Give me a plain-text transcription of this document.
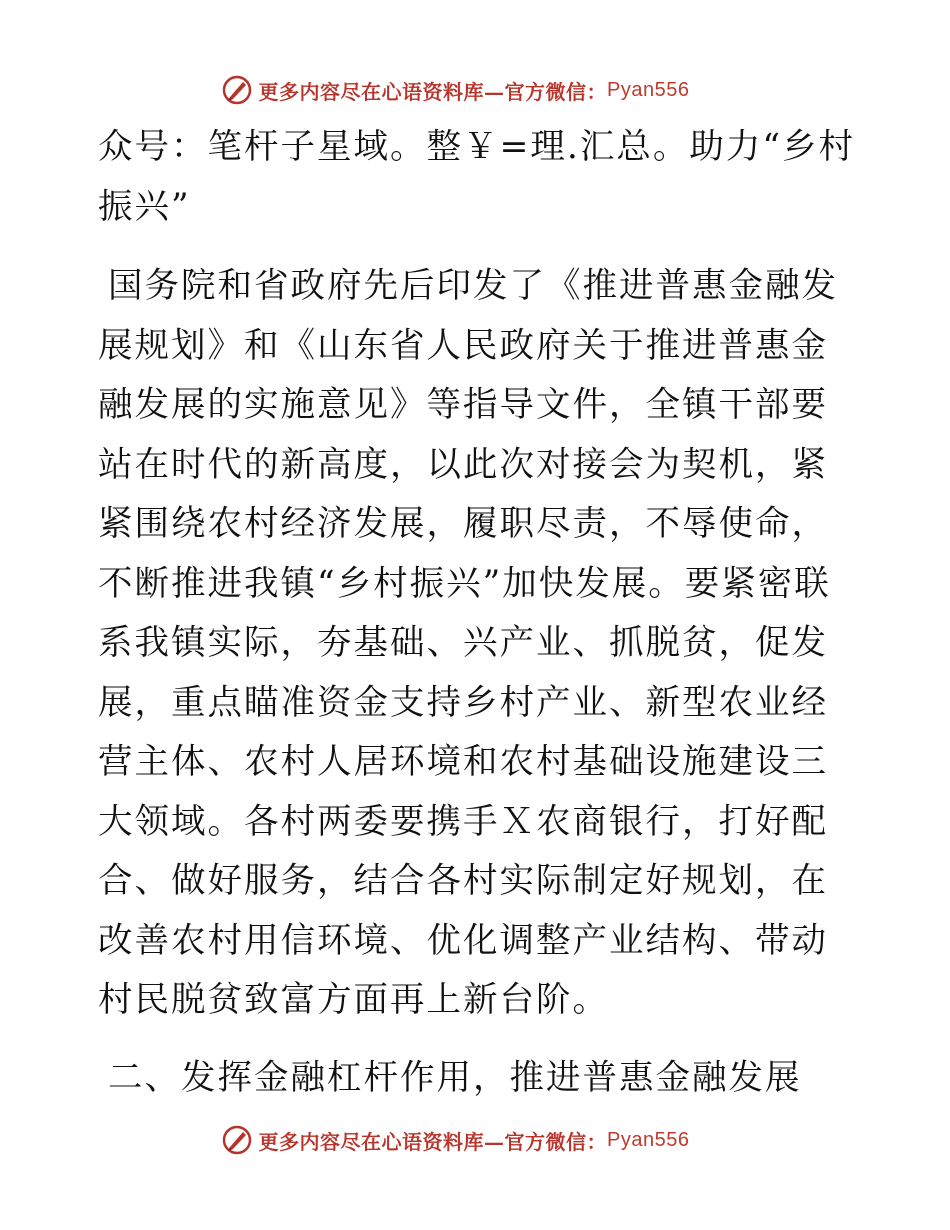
更多内容尽在心语资料库—官方微信： Pyan556

众号：笔杆子星域。整￥=理.汇总。助力“乡村振兴”

国务院和省政府先后印发了《推进普惠金融发展规划》和《山东省人民政府关于推进普惠金融发展的实施意见》等指导文件，全镇干部要站在时代的新高度，以此次对接会为契机，紧紧围绕农村经济发展，履职尽责，不辱使命，不断推进我镇“乡村振兴”加快发展。要紧密联系我镇实际，夯基础、兴产业、抓脱贫，促发展，重点瞄准资金支持乡村产业、新型农业经营主体、农村人居环境和农村基础设施建设三大领域。各村两委要携手Ｘ农商银行，打好配合、做好服务，结合各村实际制定好规划，在改善农村用信环境、优化调整产业结构、带动村民脱贫致富方面再上新台阶。

二、发挥金融杠杆作用，推进普惠金融发展

更多内容尽在心语资料库—官方微信： Pyan556
